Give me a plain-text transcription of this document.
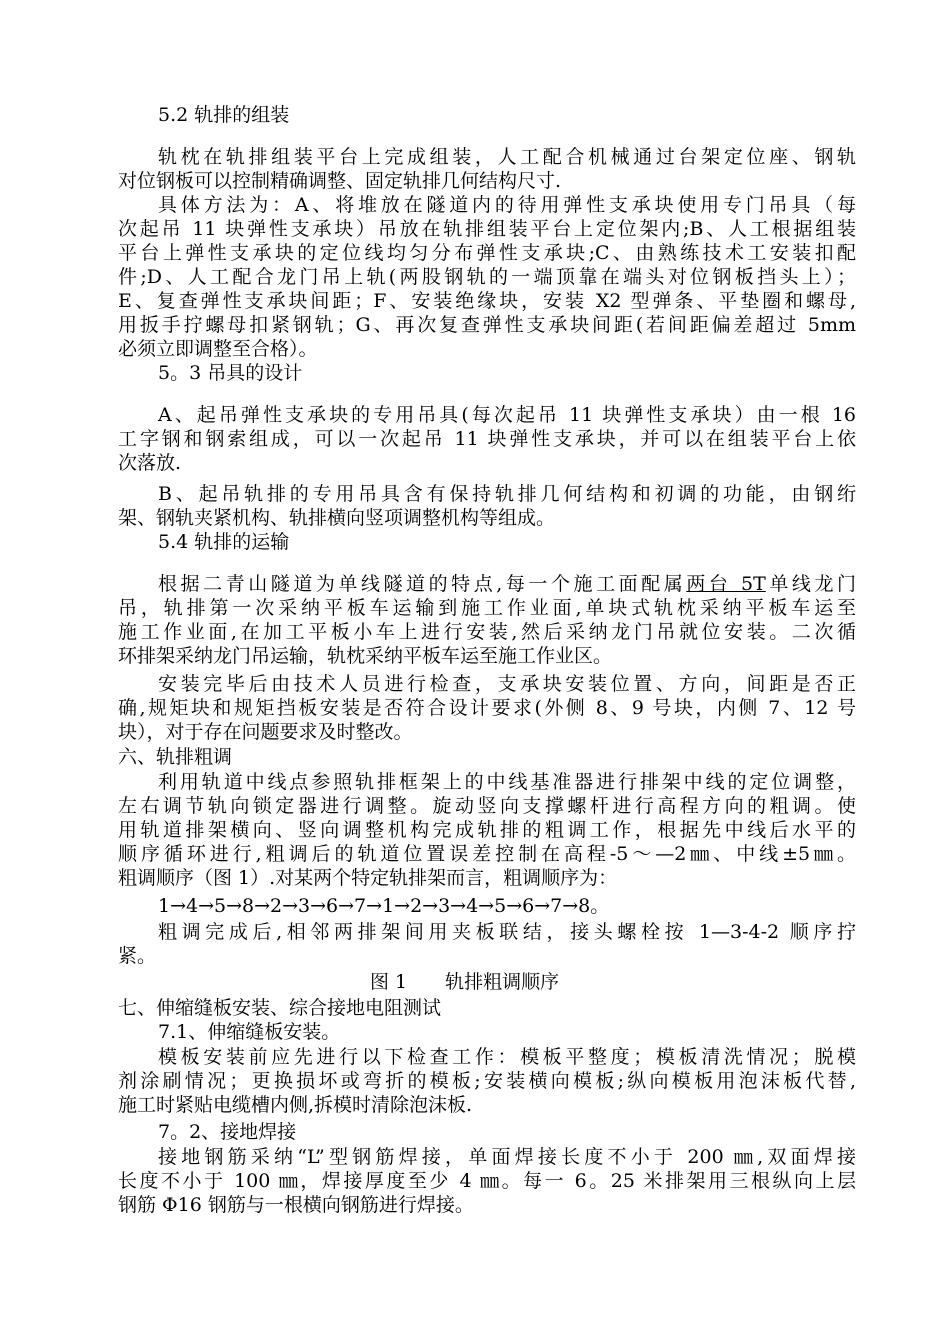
5.2 轨排的组装
轨枕在轨排组装平台上完成组装，人工配合机械通过台架定位座、钢轨
对位钢板可以控制精确调整、固定轨排几何结构尺寸.
具体方法为：A、将堆放在隧道内的待用弹性支承块使用专门吊具（每
次起吊 11 块弹性支承块）吊放在轨排组装平台上定位架内;B、人工根据组装
平台上弹性支承块的定位线均匀分布弹性支承块;C、由熟练技术工安装扣配
件;D、人工配合龙门吊上轨(两股钢轨的一端顶靠在端头对位钢板挡头上）；
E、复查弹性支承块间距；F、安装绝缘块，安装 X2 型弹条、平垫圈和螺母,
用扳手拧螺母扣紧钢轨；G、再次复查弹性支承块间距(若间距偏差超过 5mm
必须立即调整至合格）。
5。3 吊具的设计
A、起吊弹性支承块的专用吊具(每次起吊 11 块弹性支承块）由一根 16
工字钢和钢索组成，可以一次起吊 11 块弹性支承块，并可以在组装平台上依
次落放.
B、起吊轨排的专用吊具含有保持轨排几何结构和初调的功能，由钢绗
架、钢轨夹紧机构、轨排横向竖项调整机构等组成。
5.4 轨排的运输
根据二青山隧道为单线隧道的特点,每一个施工面配属两台 5T单线龙门
吊，轨排第一次采纳平板车运输到施工作业面,单块式轨枕采纳平板车运至
施工作业面,在加工平板小车上进行安装,然后采纳龙门吊就位安装。二次循
环排架采纳龙门吊运输，轨枕采纳平板车运至施工作业区。
安装完毕后由技术人员进行检查，支承块安装位置、方向，间距是否正
确,规矩块和规矩挡板安装是否符合设计要求(外侧 8、9 号块，内侧 7、12 号
块），对于存在问题要求及时整改。
六、轨排粗调
利用轨道中线点参照轨排框架上的中线基准器进行排架中线的定位调整，
左右调节轨向锁定器进行调整。旋动竖向支撑螺杆进行高程方向的粗调。使
用轨道排架横向、竖向调整机构完成轨排的粗调工作，根据先中线后水平的
顺序循环进行,粗调后的轨道位置误差控制在高程-5～—2㎜、中线±5㎜。
粗调顺序（图 1）.对某两个特定轨排架而言，粗调顺序为：
1→4→5→8→2→3→6→7→1→2→3→4→5→6→7→8。
粗调完成后,相邻两排架间用夹板联结，接头螺栓按 1—3-4-2 顺序拧
紧。
图 1　　轨排粗调顺序
七、伸缩缝板安装、综合接地电阻测试
7.1、伸缩缝板安装。
模板安装前应先进行以下检查工作：模板平整度；模板清洗情况；脱模
剂涂刷情况；更换损坏或弯折的模板;安装横向模板;纵向模板用泡沫板代替,
施工时紧贴电缆槽内侧,拆模时清除泡沫板.
7。2、接地焊接
接地钢筋采纳“L”型钢筋焊接，单面焊接长度不小于 200 ㎜,双面焊接
长度不小于 100 ㎜，焊接厚度至少 4 ㎜。每一 6。25 米排架用三根纵向上层
钢筋 Φ16 钢筋与一根横向钢筋进行焊接。
